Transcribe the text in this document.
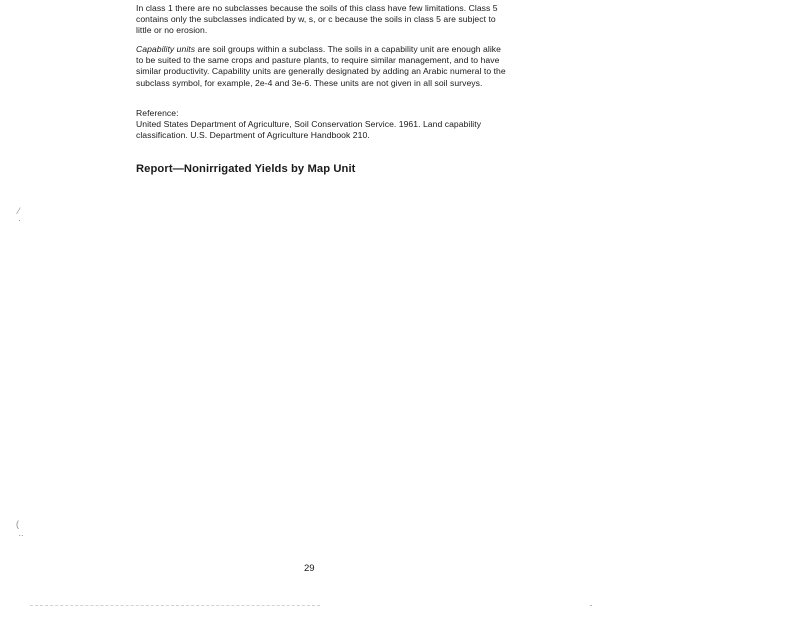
In class 1 there are no subclasses because the soils of this class have few limitations. Class 5 contains only the subclasses indicated by w, s, or c because the soils in class 5 are subject to little or no erosion.

Capability units are soil groups within a subclass. The soils in a capability unit are enough alike to be suited to the same crops and pasture plants, to require similar management, and to have similar productivity. Capability units are generally designated by adding an Arabic numeral to the subclass symbol, for example, 2e-4 and 3e-6. These units are not given in all soil surveys.

Reference:
United States Department of Agriculture, Soil Conservation Service. 1961. Land capability classification. U.S. Department of Agriculture Handbook 210.
Report—Nonirrigated Yields by Map Unit
⁄
·
(
..
29
